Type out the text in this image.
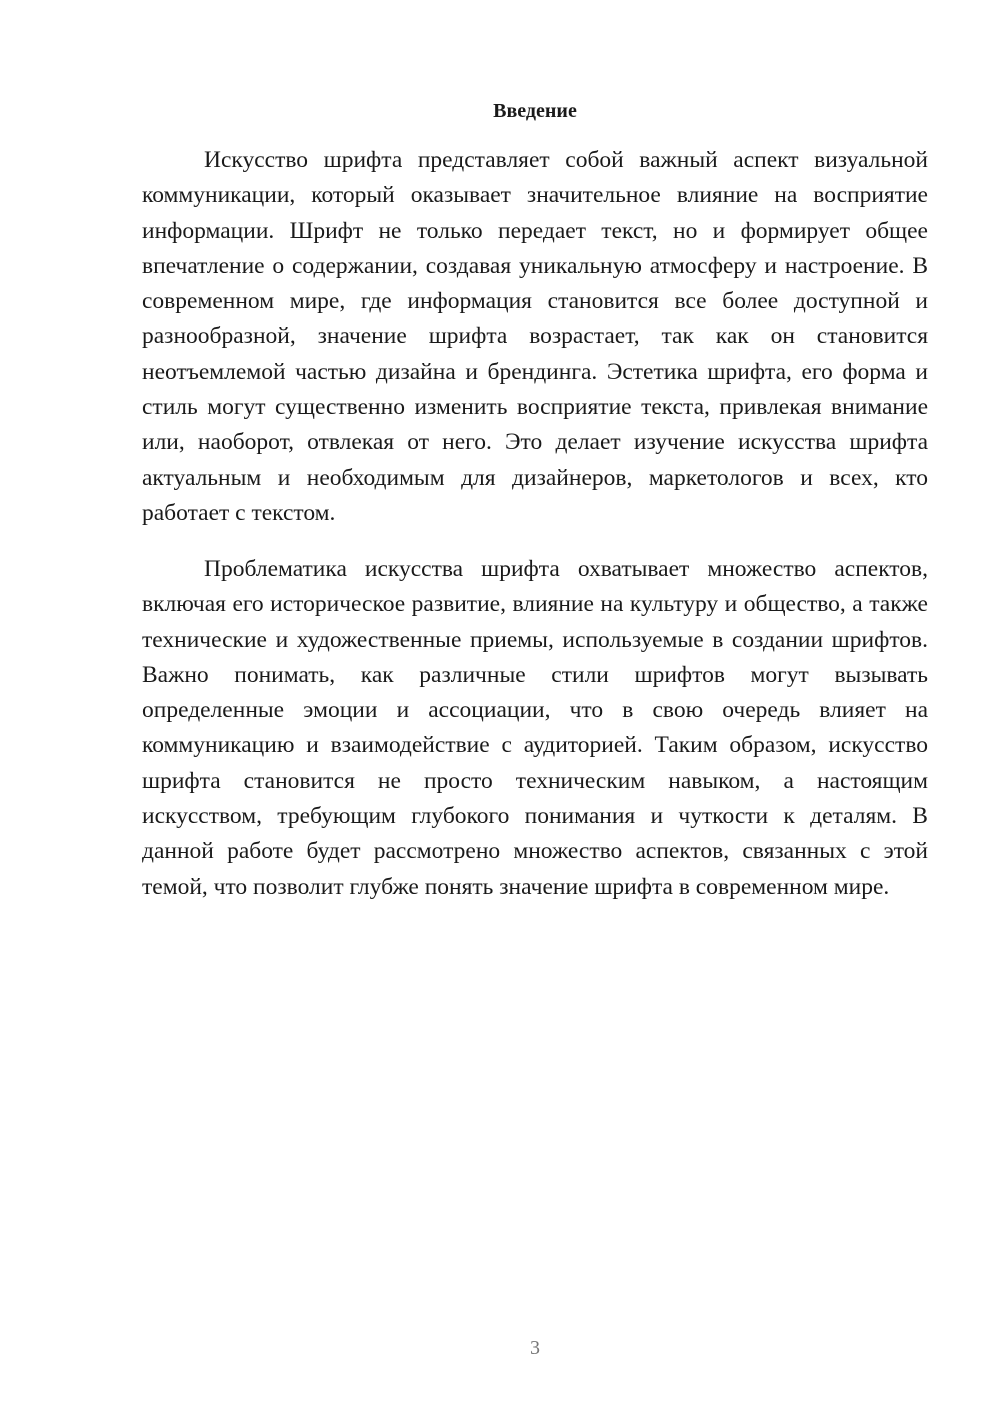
Введение

Искусство шрифта представляет собой важный аспект визуальной коммуникации, который оказывает значительное влияние на восприятие информации. Шрифт не только передает текст, но и формирует общее впечатление о содержании, создавая уникальную атмосферу и настроение. В современном мире, где информация становится все более доступной и разнообразной, значение шрифта возрастает, так как он становится неотъемлемой частью дизайна и брендинга. Эстетика шрифта, его форма и стиль могут существенно изменить восприятие текста, привлекая внимание или, наоборот, отвлекая от него. Это делает изучение искусства шрифта актуальным и необходимым для дизайнеров, маркетологов и всех, кто работает с текстом.

Проблематика искусства шрифта охватывает множество аспектов, включая его историческое развитие, влияние на культуру и общество, а также технические и художественные приемы, используемые в создании шрифтов. Важно понимать, как различные стили шрифтов могут вызывать определенные эмоции и ассоциации, что в свою очередь влияет на коммуникацию и взаимодействие с аудиторией. Таким образом, искусство шрифта становится не просто техническим навыком, а настоящим искусством, требующим глубокого понимания и чуткости к деталям. В данной работе будет рассмотрено множество аспектов, связанных с этой темой, что позволит глубже понять значение шрифта в современном мире.

3
